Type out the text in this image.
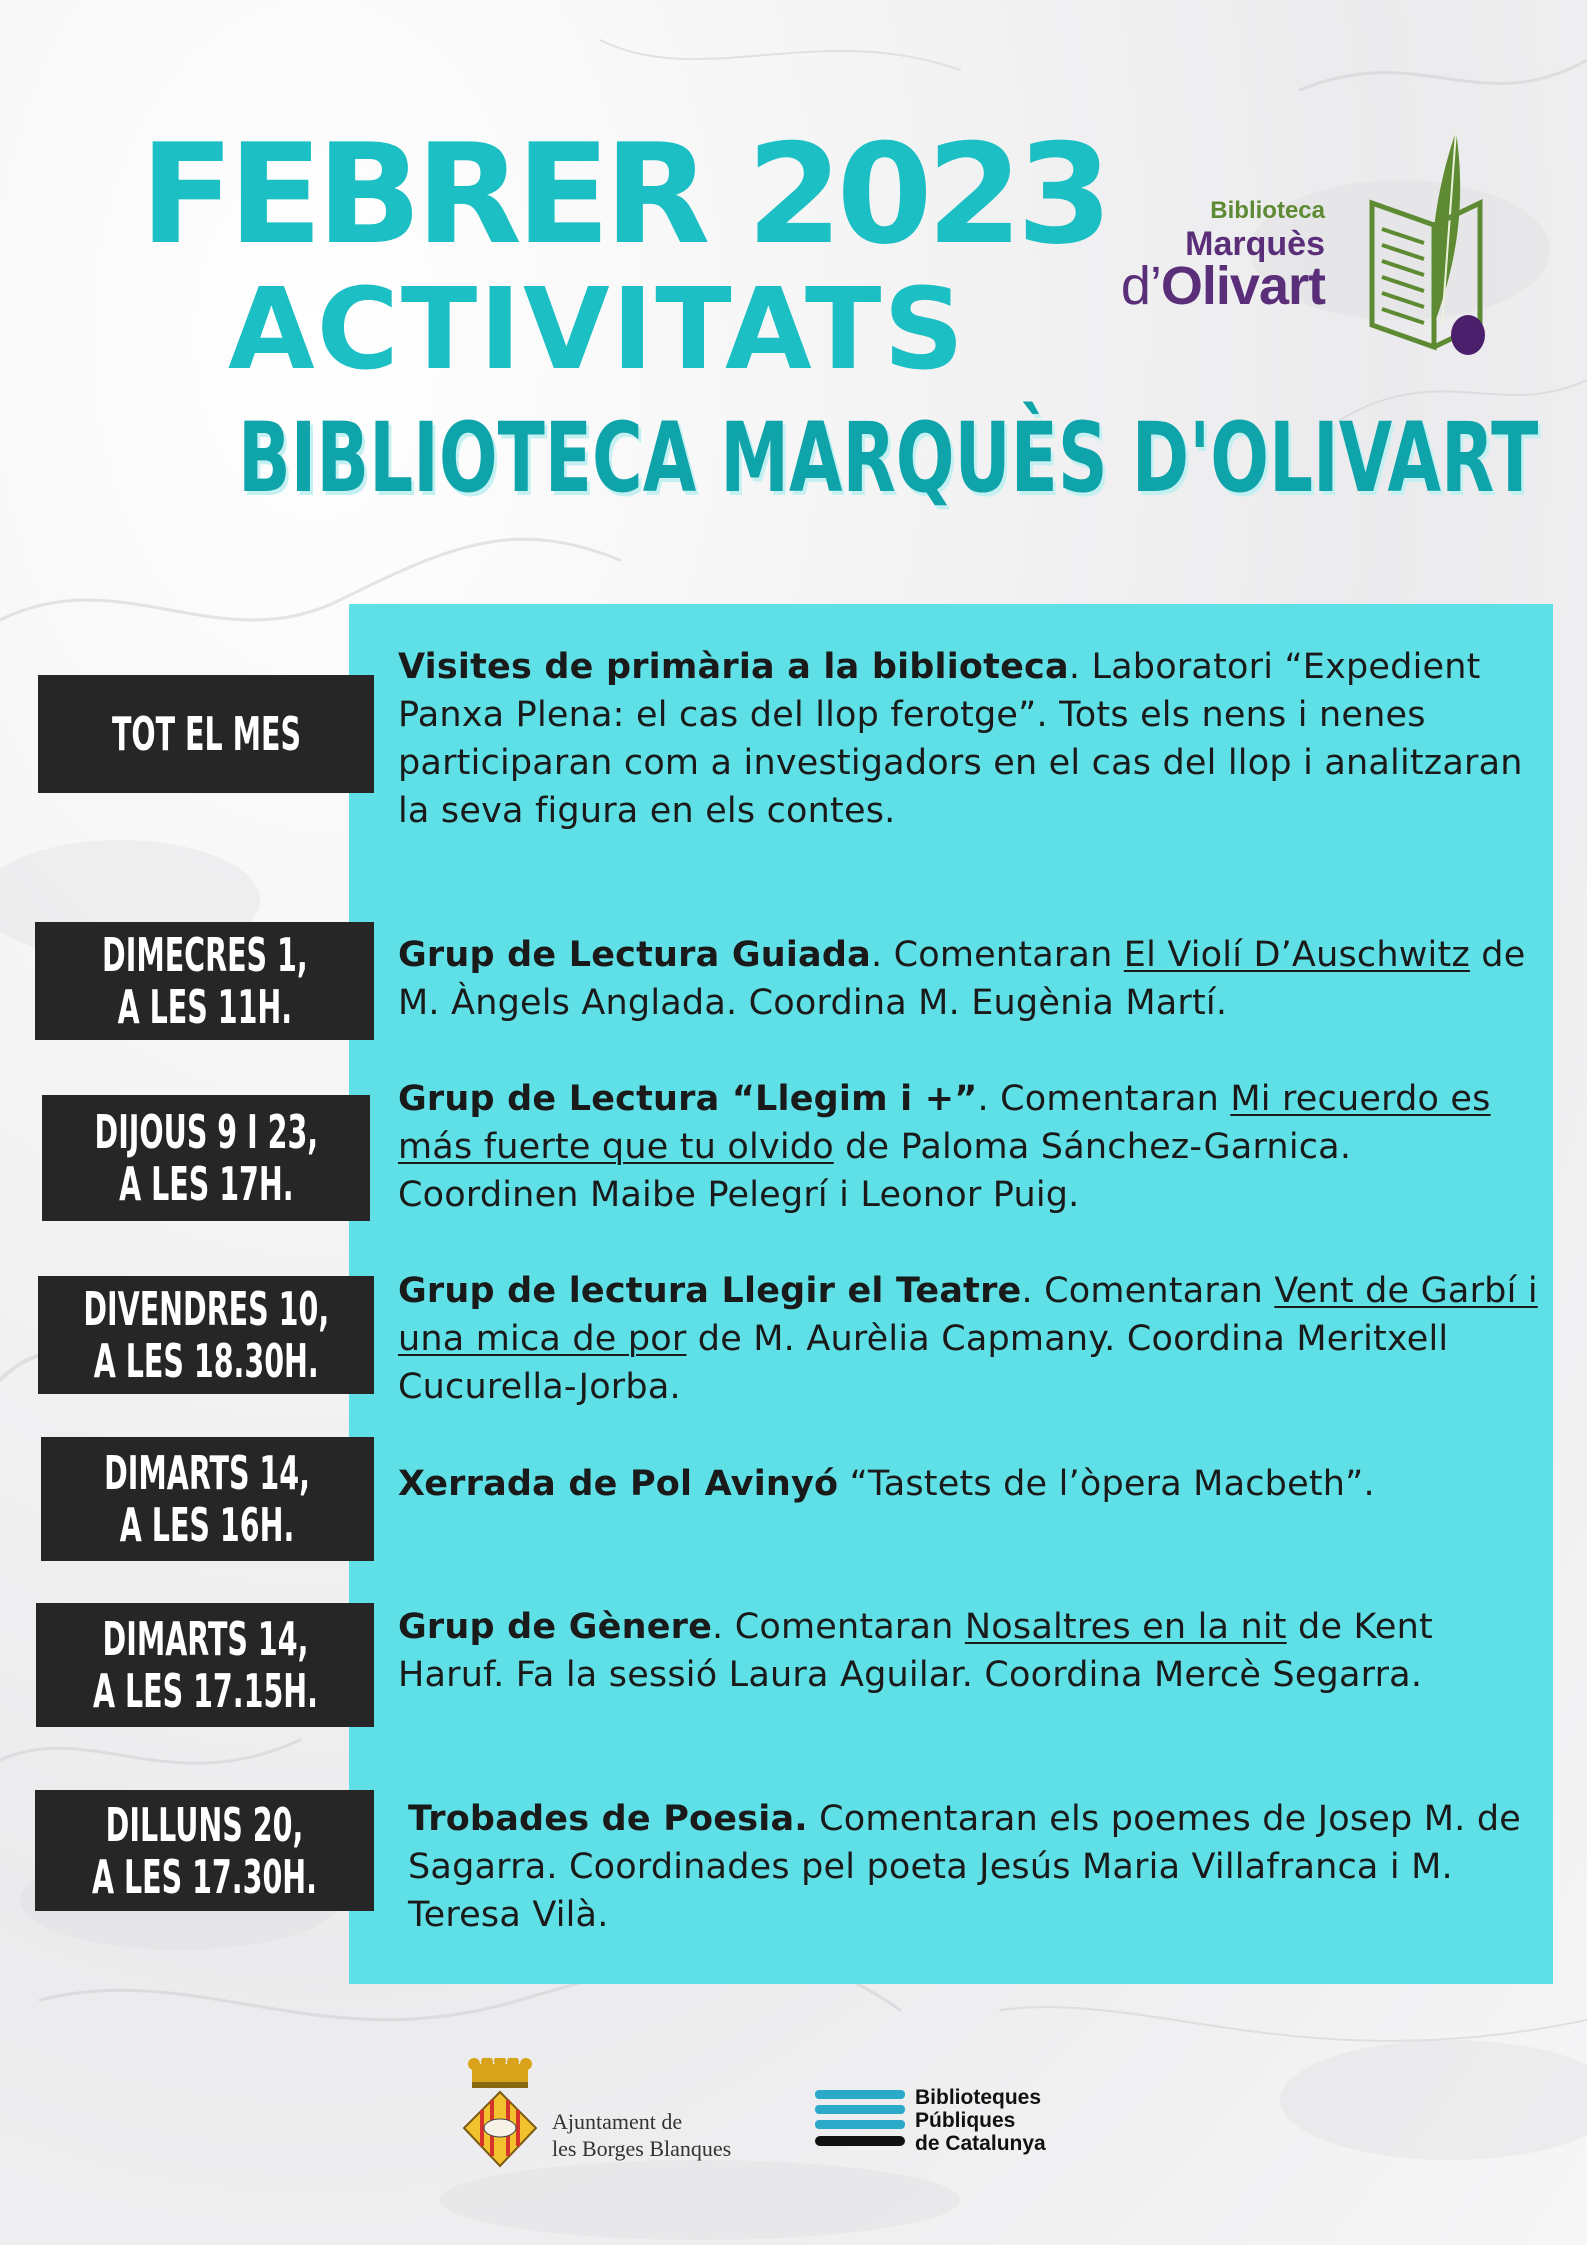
FEBRER 2023
ACTIVITATS
BIBLIOTECA MARQUÈS D'OLIVART
Biblioteca
Marquès
d’Olivart
TOT EL MES
Visites de primària a la biblioteca. Laboratori “Expedient Panxa Plena: el cas del llop ferotge”. Tots els nens i nenes participaran com a investigadors en el cas del llop i analitzaran la seva figura en els contes.
DIMECRES 1,
A LES 11H.
Grup de Lectura Guiada. Comentaran El Violí D’Auschwitz de M. Àngels Anglada. Coordina M. Eugènia Martí.
DIJOUS 9 I 23,
A LES 17H.
Grup de Lectura “Llegim i +”. Comentaran Mi recuerdo es más fuerte que tu olvido de Paloma Sánchez-Garnica. Coordinen Maibe Pelegrí i Leonor Puig.
DIVENDRES 10,
A LES 18.30H.
Grup de lectura Llegir el Teatre. Comentaran Vent de Garbí i una mica de por de M. Aurèlia Capmany. Coordina Meritxell Cucurella-Jorba.
DIMARTS 14,
A LES 16H.
Xerrada de Pol Avinyó “Tastets de l’òpera Macbeth”.
DIMARTS 14,
A LES 17.15H.
Grup de Gènere. Comentaran Nosaltres en la nit de Kent Haruf. Fa la sessió Laura Aguilar. Coordina Mercè Segarra.
DILLUNS 20,
A LES 17.30H.
Trobades de Poesia. Comentaran els poemes de Josep M. de Sagarra. Coordinades pel poeta Jesús Maria Villafranca i M. Teresa Vilà.
Ajuntament de
les Borges Blanques
Biblioteques
Públiques
de Catalunya
